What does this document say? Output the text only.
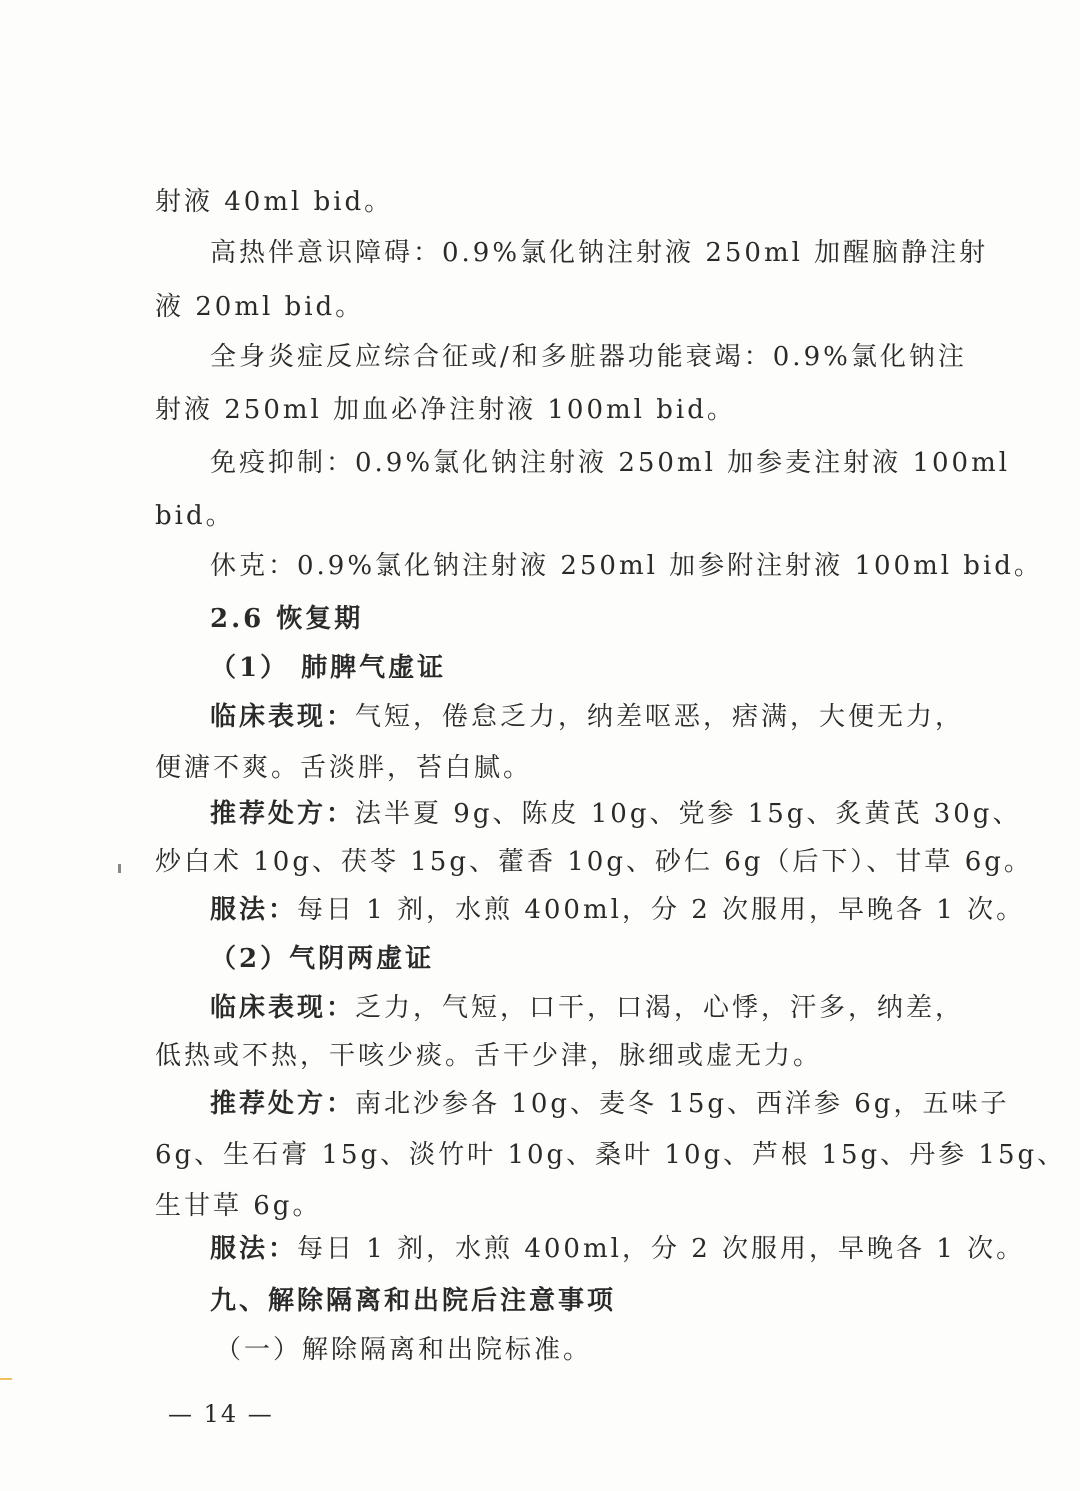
射液 40ml bid。
高热伴意识障碍：0.9%氯化钠注射液 250ml 加醒脑静注射
液 20ml bid。
全身炎症反应综合征或/和多脏器功能衰竭：0.9%氯化钠注
射液 250ml 加血必净注射液 100ml bid。
免疫抑制：0.9%氯化钠注射液 250ml 加参麦注射液 100ml
bid。
休克：0.9%氯化钠注射液 250ml 加参附注射液 100ml bid。
2.6 恢复期
（1） 肺脾气虚证
临床表现：气短，倦怠乏力，纳差呕恶，痞满，大便无力，
便溏不爽。舌淡胖，苔白腻。
推荐处方：法半夏 9g、陈皮 10g、党参 15g、炙黄芪 30g、
炒白术 10g、茯苓 15g、藿香 10g、砂仁 6g（后下）、甘草 6g。
服法：每日 1 剂，水煎 400ml，分 2 次服用，早晚各 1 次。
（2）气阴两虚证
临床表现：乏力，气短，口干，口渴，心悸，汗多，纳差，
低热或不热，干咳少痰。舌干少津，脉细或虚无力。
推荐处方：南北沙参各 10g、麦冬 15g、西洋参 6g，五味子
6g、生石膏 15g、淡竹叶 10g、桑叶 10g、芦根 15g、丹参 15g、
生甘草 6g。
服法：每日 1 剂，水煎 400ml，分 2 次服用，早晚各 1 次。
九、解除隔离和出院后注意事项
（一）解除隔离和出院标准。
— 14 —
